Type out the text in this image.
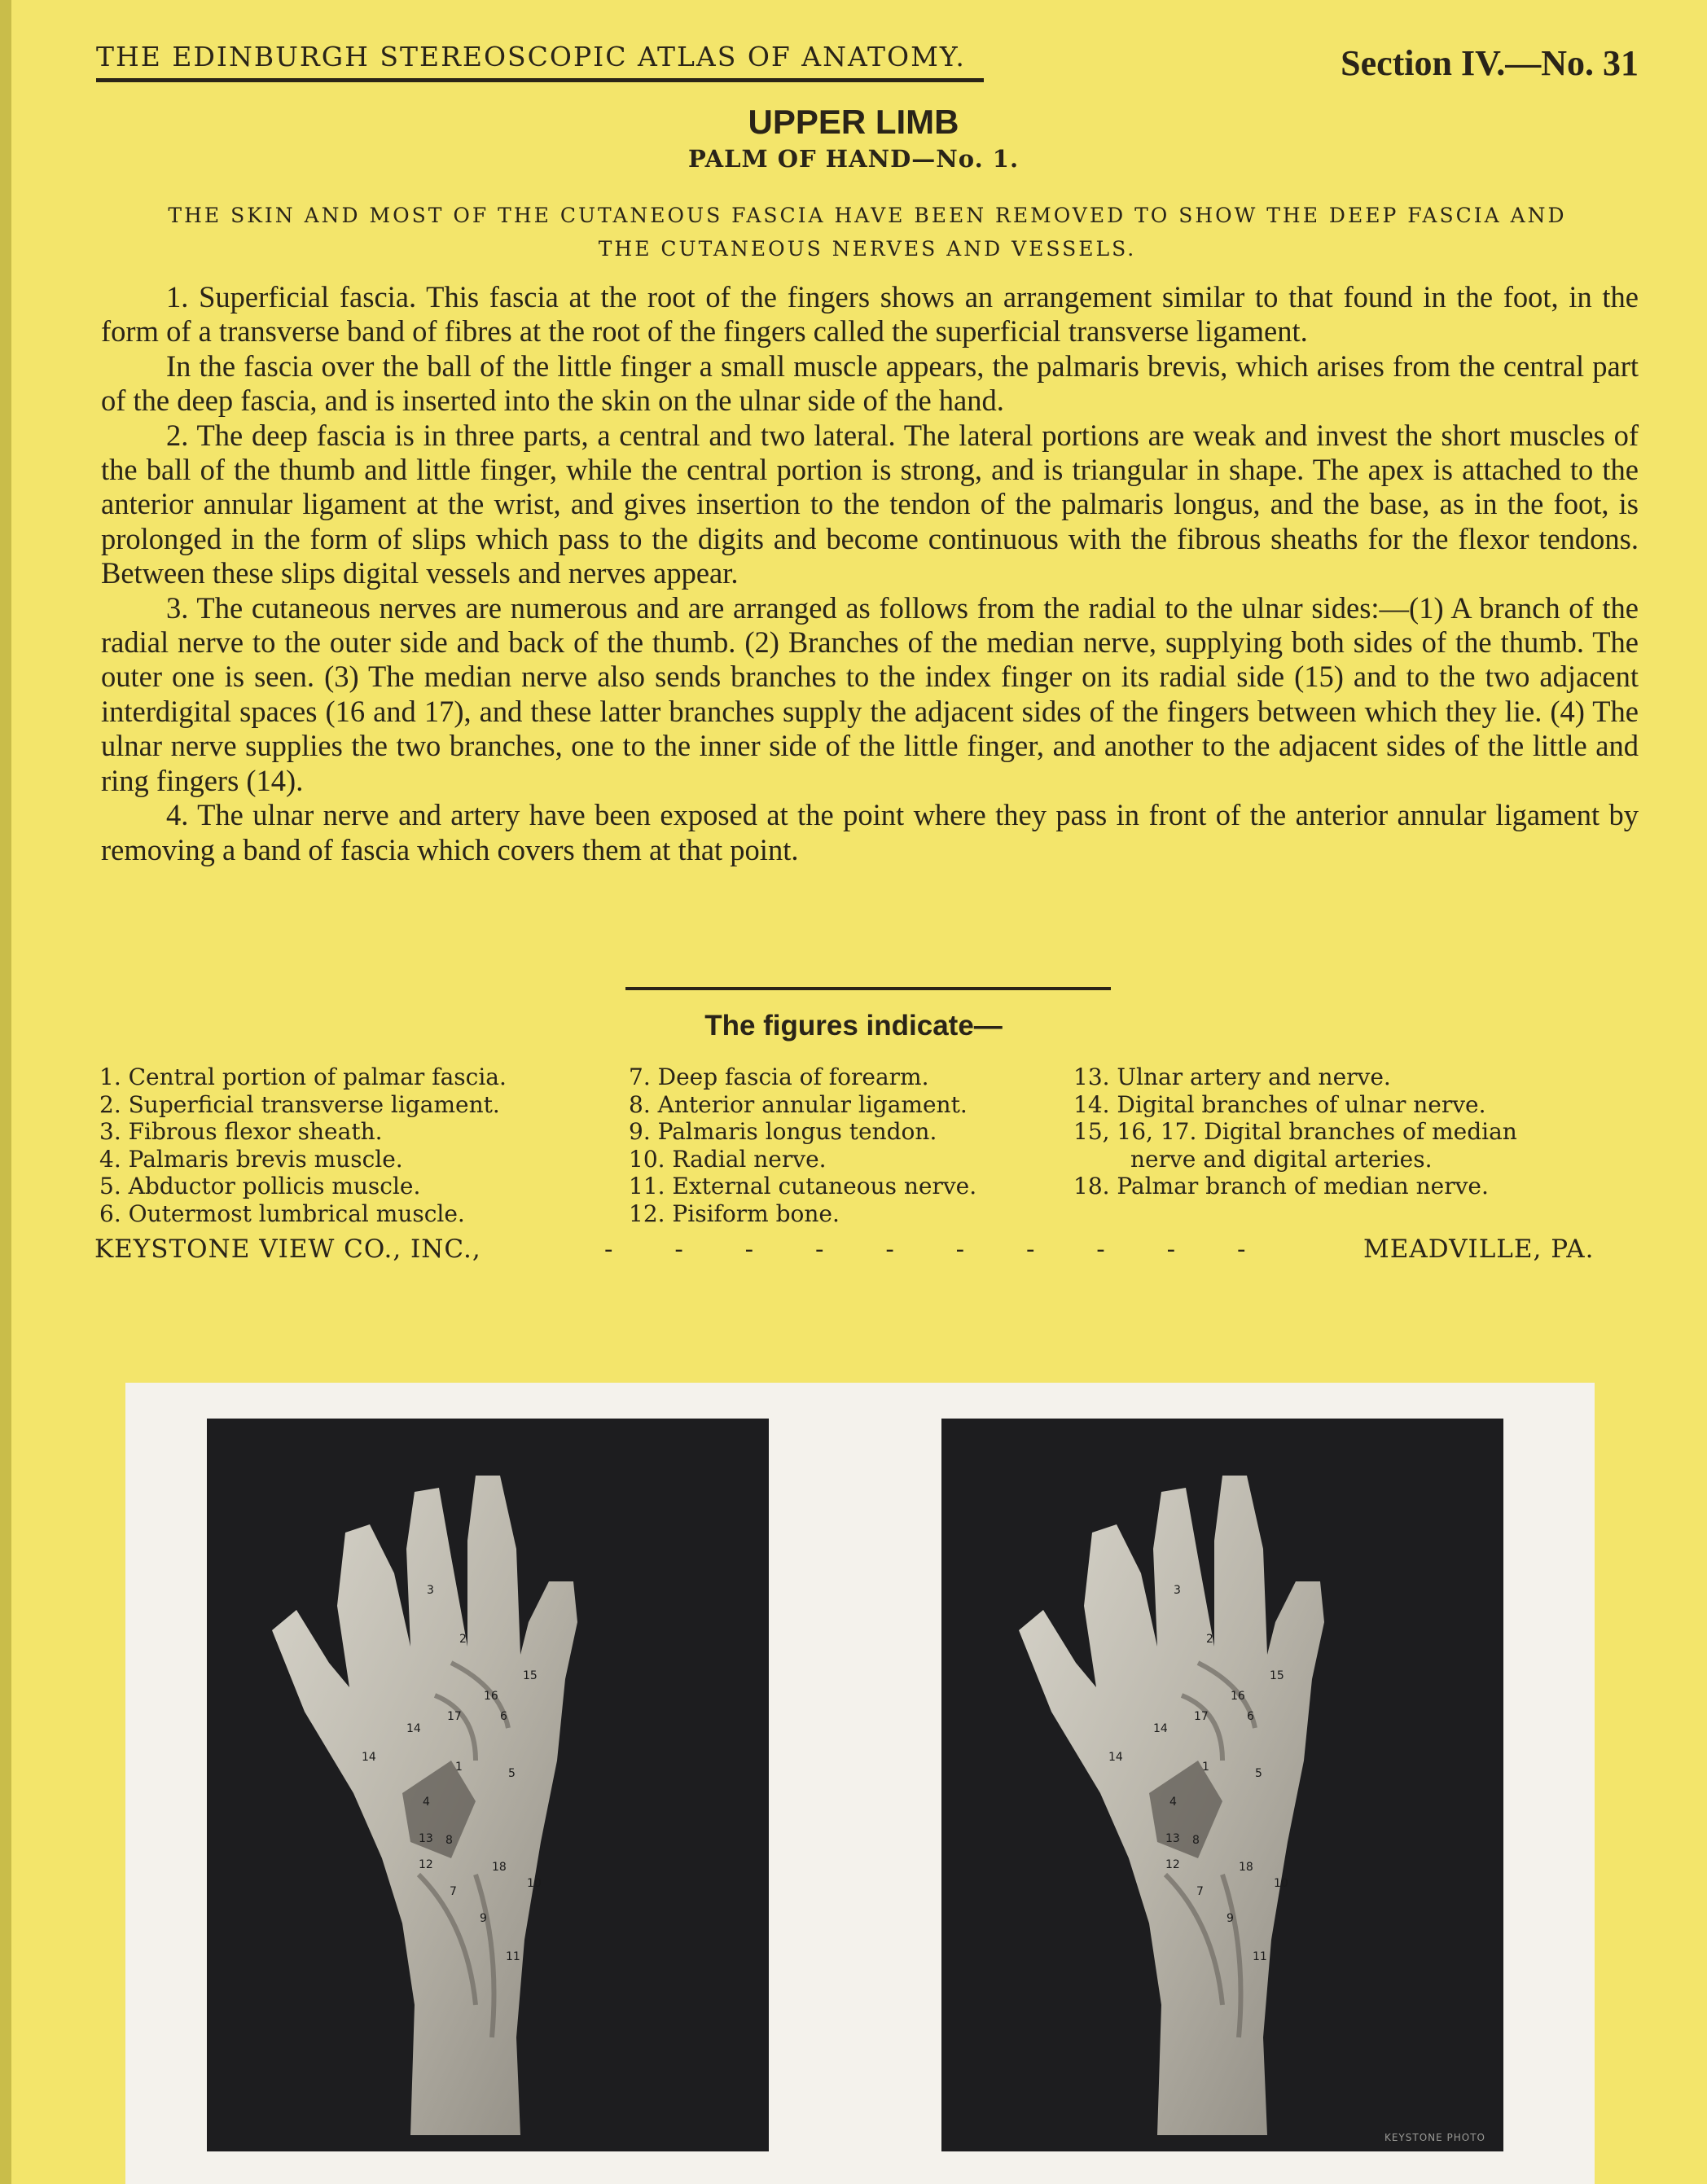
THE EDINBURGH STEREOSCOPIC ATLAS OF ANATOMY.	Section IV.—No. 31
UPPER LIMB
PALM OF HAND—No. 1.
THE SKIN AND MOST OF THE CUTANEOUS FASCIA HAVE BEEN REMOVED TO SHOW THE DEEP FASCIA AND THE CUTANEOUS NERVES AND VESSELS.

1. Superficial fascia. This fascia at the root of the fingers shows an arrangement similar to that found in the foot, in the form of a transverse band of fibres at the root of the fingers called the superficial transverse ligament.

In the fascia over the ball of the little finger a small muscle appears, the palmaris brevis, which arises from the central part of the deep fascia, and is inserted into the skin on the ulnar side of the hand.

2. The deep fascia is in three parts, a central and two lateral. The lateral portions are weak and invest the short muscles of the ball of the thumb and little finger, while the central portion is strong, and is triangular in shape. The apex is attached to the anterior annular ligament at the wrist, and gives insertion to the tendon of the palmaris longus, and the base, as in the foot, is prolonged in the form of slips which pass to the digits and become continuous with the fibrous sheaths for the flexor tendons. Between these slips digital vessels and nerves appear.

3. The cutaneous nerves are numerous and are arranged as follows from the radial to the ulnar sides:—(1) A branch of the radial nerve to the outer side and back of the thumb. (2) Branches of the median nerve, supplying both sides of the thumb. The outer one is seen. (3) The median nerve also sends branches to the index finger on its radial side (15) and to the two adjacent interdigital spaces (16 and 17), and these latter branches supply the adjacent sides of the fingers between which they lie. (4) The ulnar nerve supplies the two branches, one to the inner side of the little finger, and another to the adjacent sides of the little and ring fingers (14).

4. The ulnar nerve and artery have been exposed at the point where they pass in front of the anterior annular ligament by removing a band of fascia which covers them at that point.

The figures indicate—
1. Central portion of palmar fascia.
2. Superficial transverse ligament.
3. Fibrous flexor sheath.
4. Palmaris brevis muscle.
5. Abductor pollicis muscle.
6. Outermost lumbrical muscle.
7. Deep fascia of forearm.
8. Anterior annular ligament.
9. Palmaris longus tendon.
10. Radial nerve.
11. External cutaneous nerve.
12. Pisiform bone.
13. Ulnar artery and nerve.
14. Digital branches of ulnar nerve.
15, 16, 17. Digital branches of median
nerve and digital arteries.
18. Palmar branch of median nerve.
KEYSTONE VIEW CO., INC.,	- - - - - - - - - -	MEADVILLE, PA.
3
2
15
16
17	6
14
14
1	5
4
13 8
12	18
10
7
9
11
3
2
15
16
17	6
14
14
1	5
4
13 8
12	18
10
7
9
11
KEYSTONE PHOTO
